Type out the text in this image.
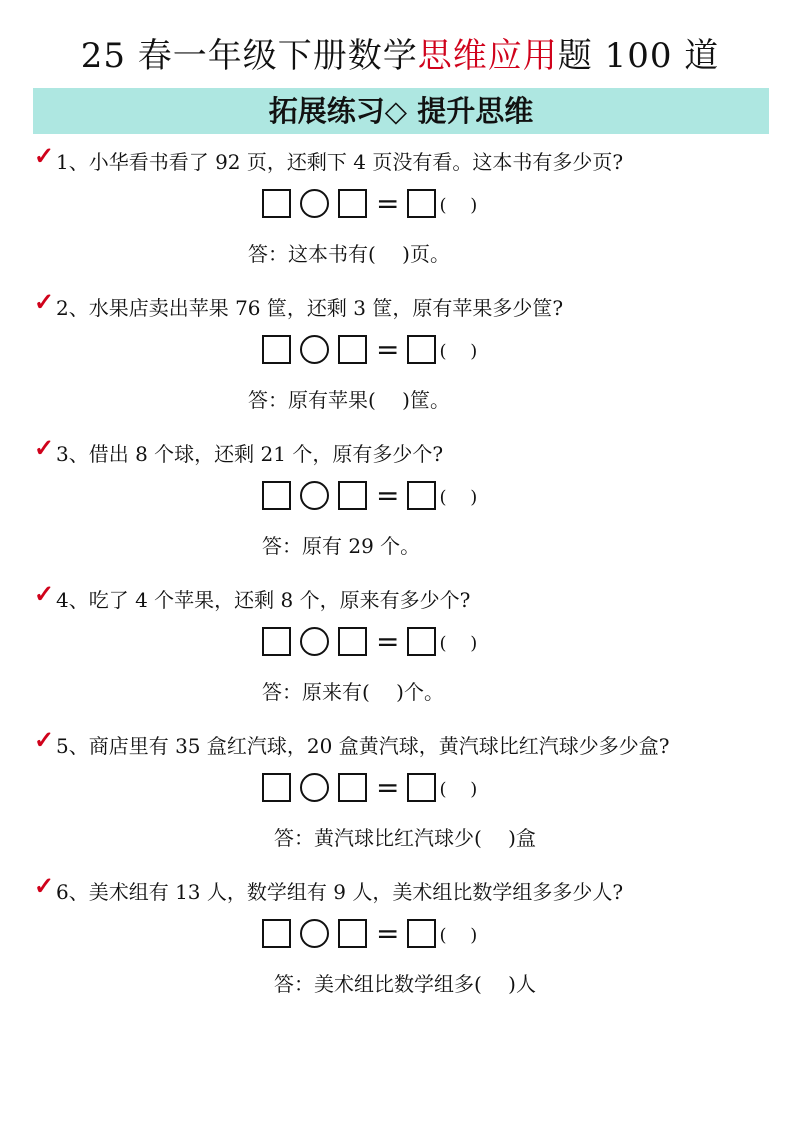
25 春一年级下册数学思维应用题 100 道
拓展练习◇ 提升思维
✓1、小华看书看了 92 页，还剩下 4 页没有看。这本书有多少页?
= (　 )
答：这本书有(　 )页。
✓2、水果店卖出苹果 76 筐，还剩 3 筐，原有苹果多少筐?
= (　 )
答：原有苹果(　 )筐。
✓3、借出 8 个球，还剩 21 个，原有多少个?
= (　 )
答：原有 29 个。
✓4、吃了 4 个苹果，还剩 8 个，原来有多少个?
= (　 )
答：原来有(　 )个。
✓5、商店里有 35 盒红汽球，20 盒黄汽球，黄汽球比红汽球少多少盒?
= (　 )
答：黄汽球比红汽球少(　 )盒
✓6、美术组有 13 人，数学组有 9 人，美术组比数学组多多少人?
= (　 )
答：美术组比数学组多(　 )人
